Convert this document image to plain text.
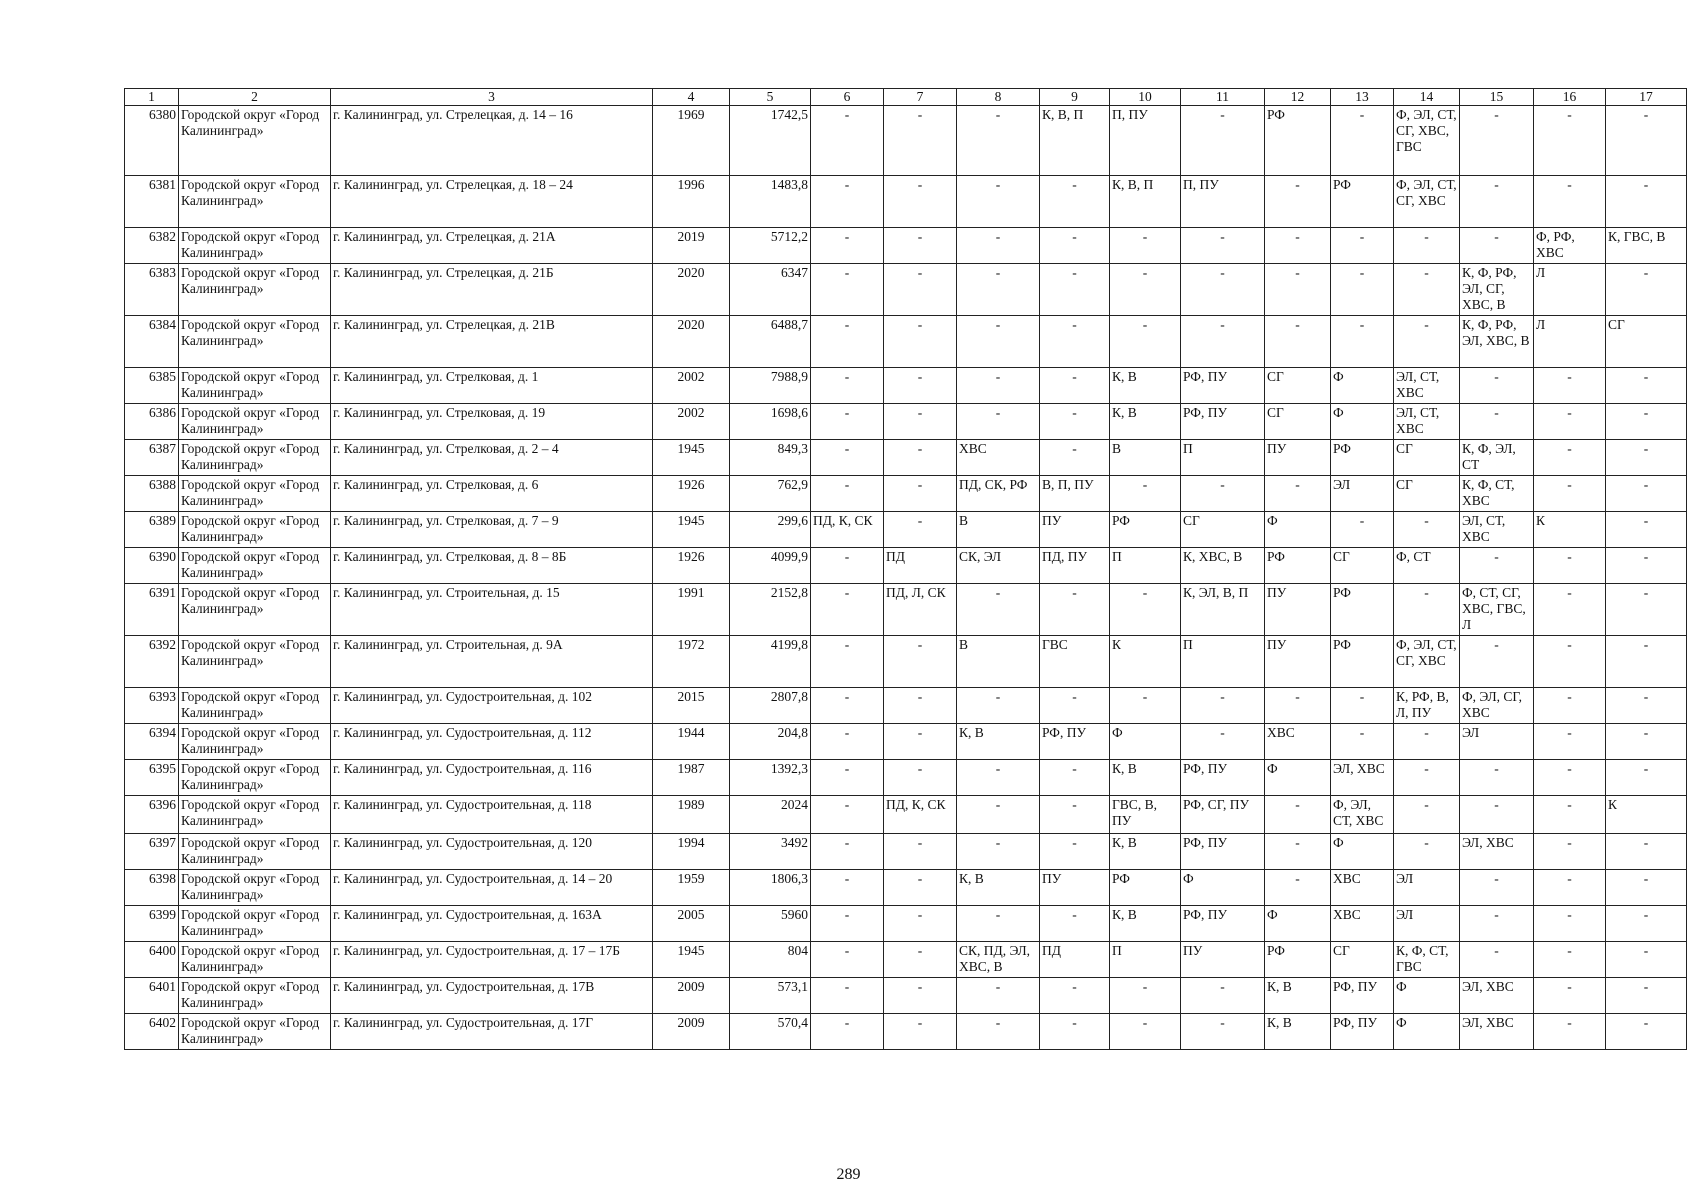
1	2	3	4	5	6	7	8	9	10	11	12	13	14	15	16	17
6380	Городской округ «Город Калининград»	г. Калининград, ул. Стрелецкая, д. 14 – 16	1969	1742,5	-	-	-	К, В, П	П, ПУ	-	РФ	-	Ф, ЭЛ, СТ, СГ, ХВС, ГВС	-	-	-
6381	Городской округ «Город Калининград»	г. Калининград, ул. Стрелецкая, д. 18 – 24	1996	1483,8	-	-	-	-	К, В, П	П, ПУ	-	РФ	Ф, ЭЛ, СТ, СГ, ХВС	-	-	-
6382	Городской округ «Город Калининград»	г. Калининград, ул. Стрелецкая, д. 21А	2019	5712,2	-	-	-	-	-	-	-	-	-	-	Ф, РФ, ХВС	К, ГВС, В
6383	Городской округ «Город Калининград»	г. Калининград, ул. Стрелецкая, д. 21Б	2020	6347	-	-	-	-	-	-	-	-	-	К, Ф, РФ, ЭЛ, СГ, ХВС, В	Л	-
6384	Городской округ «Город Калининград»	г. Калининград, ул. Стрелецкая, д. 21В	2020	6488,7	-	-	-	-	-	-	-	-	-	К, Ф, РФ, ЭЛ, ХВС, В	Л	СГ
6385	Городской округ «Город Калининград»	г. Калининград, ул. Стрелковая, д. 1	2002	7988,9	-	-	-	-	К, В	РФ, ПУ	СГ	Ф	ЭЛ, СТ, ХВС	-	-	-
6386	Городской округ «Город Калининград»	г. Калининград, ул. Стрелковая, д. 19	2002	1698,6	-	-	-	-	К, В	РФ, ПУ	СГ	Ф	ЭЛ, СТ, ХВС	-	-	-
6387	Городской округ «Город Калининград»	г. Калининград, ул. Стрелковая, д. 2 – 4	1945	849,3	-	-	ХВС	-	В	П	ПУ	РФ	СГ	К, Ф, ЭЛ, СТ	-	-
6388	Городской округ «Город Калининград»	г. Калининград, ул. Стрелковая, д. 6	1926	762,9	-	-	ПД, СК, РФ	В, П, ПУ	-	-	-	ЭЛ	СГ	К, Ф, СТ, ХВС	-	-
6389	Городской округ «Город Калининград»	г. Калининград, ул. Стрелковая, д. 7 – 9	1945	299,6	ПД, К, СК	-	В	ПУ	РФ	СГ	Ф	-	-	ЭЛ, СТ, ХВС	К	-
6390	Городской округ «Город Калининград»	г. Калининград, ул. Стрелковая, д. 8 – 8Б	1926	4099,9	-	ПД	СК, ЭЛ	ПД, ПУ	П	К, ХВС, В	РФ	СГ	Ф, СТ	-	-	-
6391	Городской округ «Город Калининград»	г. Калининград, ул. Строительная, д. 15	1991	2152,8	-	ПД, Л, СК	-	-	-	К, ЭЛ, В, П	ПУ	РФ	-	Ф, СТ, СГ, ХВС, ГВС, Л	-	-
6392	Городской округ «Город Калининград»	г. Калининград, ул. Строительная, д. 9А	1972	4199,8	-	-	В	ГВС	К	П	ПУ	РФ	Ф, ЭЛ, СТ, СГ, ХВС	-	-	-
6393	Городской округ «Город Калининград»	г. Калининград, ул. Судостроительная, д. 102	2015	2807,8	-	-	-	-	-	-	-	-	К, РФ, В, Л, ПУ	Ф, ЭЛ, СГ, ХВС	-	-
6394	Городской округ «Город Калининград»	г. Калининград, ул. Судостроительная, д. 112	1944	204,8	-	-	К, В	РФ, ПУ	Ф	-	ХВС	-	-	ЭЛ	-	-
6395	Городской округ «Город Калининград»	г. Калининград, ул. Судостроительная, д. 116	1987	1392,3	-	-	-	-	К, В	РФ, ПУ	Ф	ЭЛ, ХВС	-	-	-	-
6396	Городской округ «Город Калининград»	г. Калининград, ул. Судостроительная, д. 118	1989	2024	-	ПД, К, СК	-	-	ГВС, В, ПУ	РФ, СГ, ПУ	-	Ф, ЭЛ, СТ, ХВС	-	-	-	К
6397	Городской округ «Город Калининград»	г. Калининград, ул. Судостроительная, д. 120	1994	3492	-	-	-	-	К, В	РФ, ПУ	-	Ф	-	ЭЛ, ХВС	-	-
6398	Городской округ «Город Калининград»	г. Калининград, ул. Судостроительная, д. 14 – 20	1959	1806,3	-	-	К, В	ПУ	РФ	Ф	-	ХВС	ЭЛ	-	-	-
6399	Городской округ «Город Калининград»	г. Калининград, ул. Судостроительная, д. 163А	2005	5960	-	-	-	-	К, В	РФ, ПУ	Ф	ХВС	ЭЛ	-	-	-
6400	Городской округ «Город Калининград»	г. Калининград, ул. Судостроительная, д. 17 – 17Б	1945	804	-	-	СК, ПД, ЭЛ, ХВС, В	ПД	П	ПУ	РФ	СГ	К, Ф, СТ, ГВС	-	-	-
6401	Городской округ «Город Калининград»	г. Калининград, ул. Судостроительная, д. 17В	2009	573,1	-	-	-	-	-	-	К, В	РФ, ПУ	Ф	ЭЛ, ХВС	-	-
6402	Городской округ «Город Калининград»	г. Калининград, ул. Судостроительная, д. 17Г	2009	570,4	-	-	-	-	-	-	К, В	РФ, ПУ	Ф	ЭЛ, ХВС	-	-
289
